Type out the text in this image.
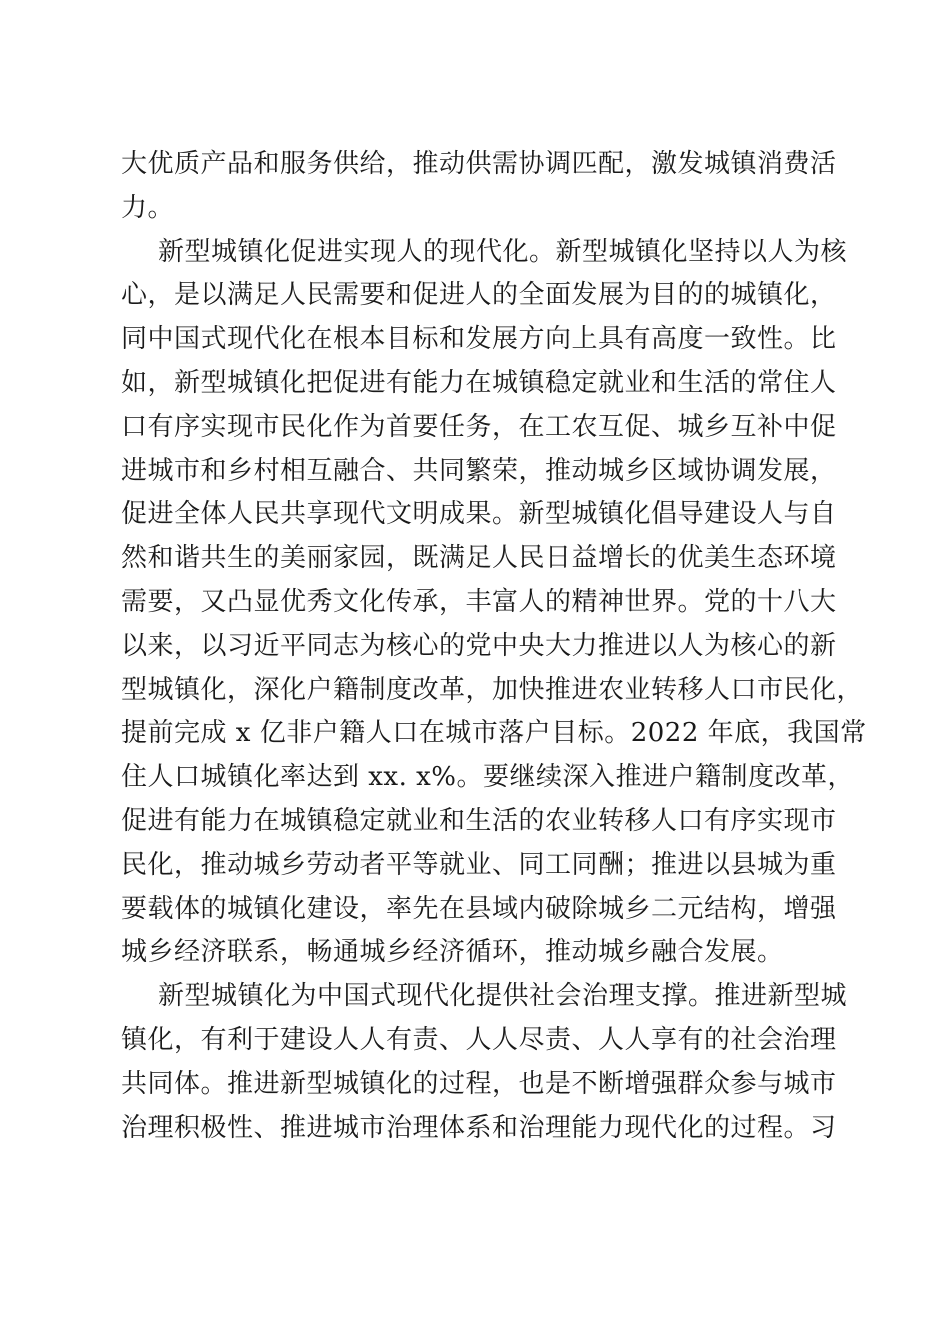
大优质产品和服务供给，推动供需协调匹配，激发城镇消费活
力。
新型城镇化促进实现人的现代化。新型城镇化坚持以人为核
心，是以满足人民需要和促进人的全面发展为目的的城镇化，
同中国式现代化在根本目标和发展方向上具有高度一致性。比
如，新型城镇化把促进有能力在城镇稳定就业和生活的常住人
口有序实现市民化作为首要任务，在工农互促、城乡互补中促
进城市和乡村相互融合、共同繁荣，推动城乡区域协调发展，
促进全体人民共享现代文明成果。新型城镇化倡导建设人与自
然和谐共生的美丽家园，既满足人民日益增长的优美生态环境
需要，又凸显优秀文化传承，丰富人的精神世界。党的十八大
以来，以习近平同志为核心的党中央大力推进以人为核心的新
型城镇化，深化户籍制度改革，加快推进农业转移人口市民化，
提前完成 x 亿非户籍人口在城市落户目标。2022 年底，我国常
住人口城镇化率达到 xx. x%。要继续深入推进户籍制度改革，
促进有能力在城镇稳定就业和生活的农业转移人口有序实现市
民化，推动城乡劳动者平等就业、同工同酬；推进以县城为重
要载体的城镇化建设，率先在县域内破除城乡二元结构，增强
城乡经济联系，畅通城乡经济循环，推动城乡融合发展。
新型城镇化为中国式现代化提供社会治理支撑。推进新型城
镇化，有利于建设人人有责、人人尽责、人人享有的社会治理
共同体。推进新型城镇化的过程，也是不断增强群众参与城市
治理积极性、推进城市治理体系和治理能力现代化的过程。习
